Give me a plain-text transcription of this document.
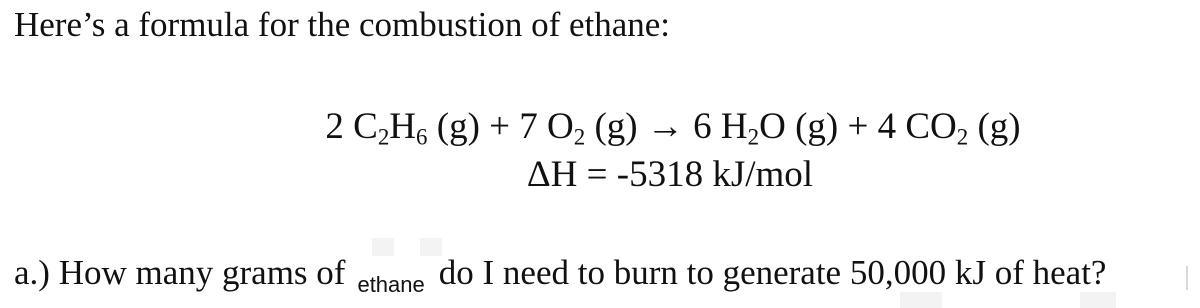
Here’s a formula for the combustion of ethane:
2 $C_2H_6$ (g) + 7 $O_2$ (g) → 6 $H_2O$ (g) + 4 $CO_2$ (g)
ΔH = -5318 kJ/mol
a.) How many grams of ethane do I need to burn to generate 50,000 kJ of heat?
